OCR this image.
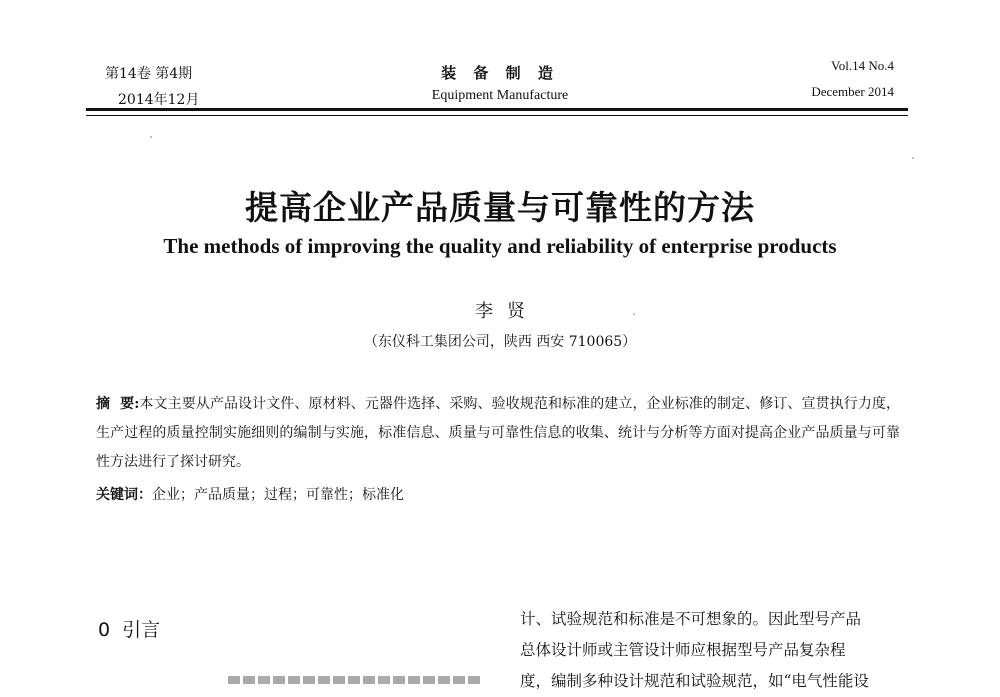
第14卷 第4期
2014年12月
装 备 制 造
Equipment Manufacture
Vol.14 No.4
December 2014
提高企业产品质量与可靠性的方法
The methods of improving the quality and reliability of enterprise products
李贤
（东仪科工集团公司，陕西 西安 710065）
摘要:本文主要从产品设计文件、原材料、元器件选择、采购、验收规范和标准的建立，企业标准的制定、修订、宣贯执行力度，生产过程的质量控制实施细则的编制与实施，标准信息、质量与可靠性信息的收集、统计与分析等方面对提高企业产品质量与可靠性方法进行了探讨研究。
关键词：企业；产品质量；过程；可靠性；标准化
0 引言	计、试验规范和标准是不可想象的。因此型号产品
总体设计师或主管设计师应根据型号产品复杂程
度，编制多种设计规范和试验规范，如“电气性能设
